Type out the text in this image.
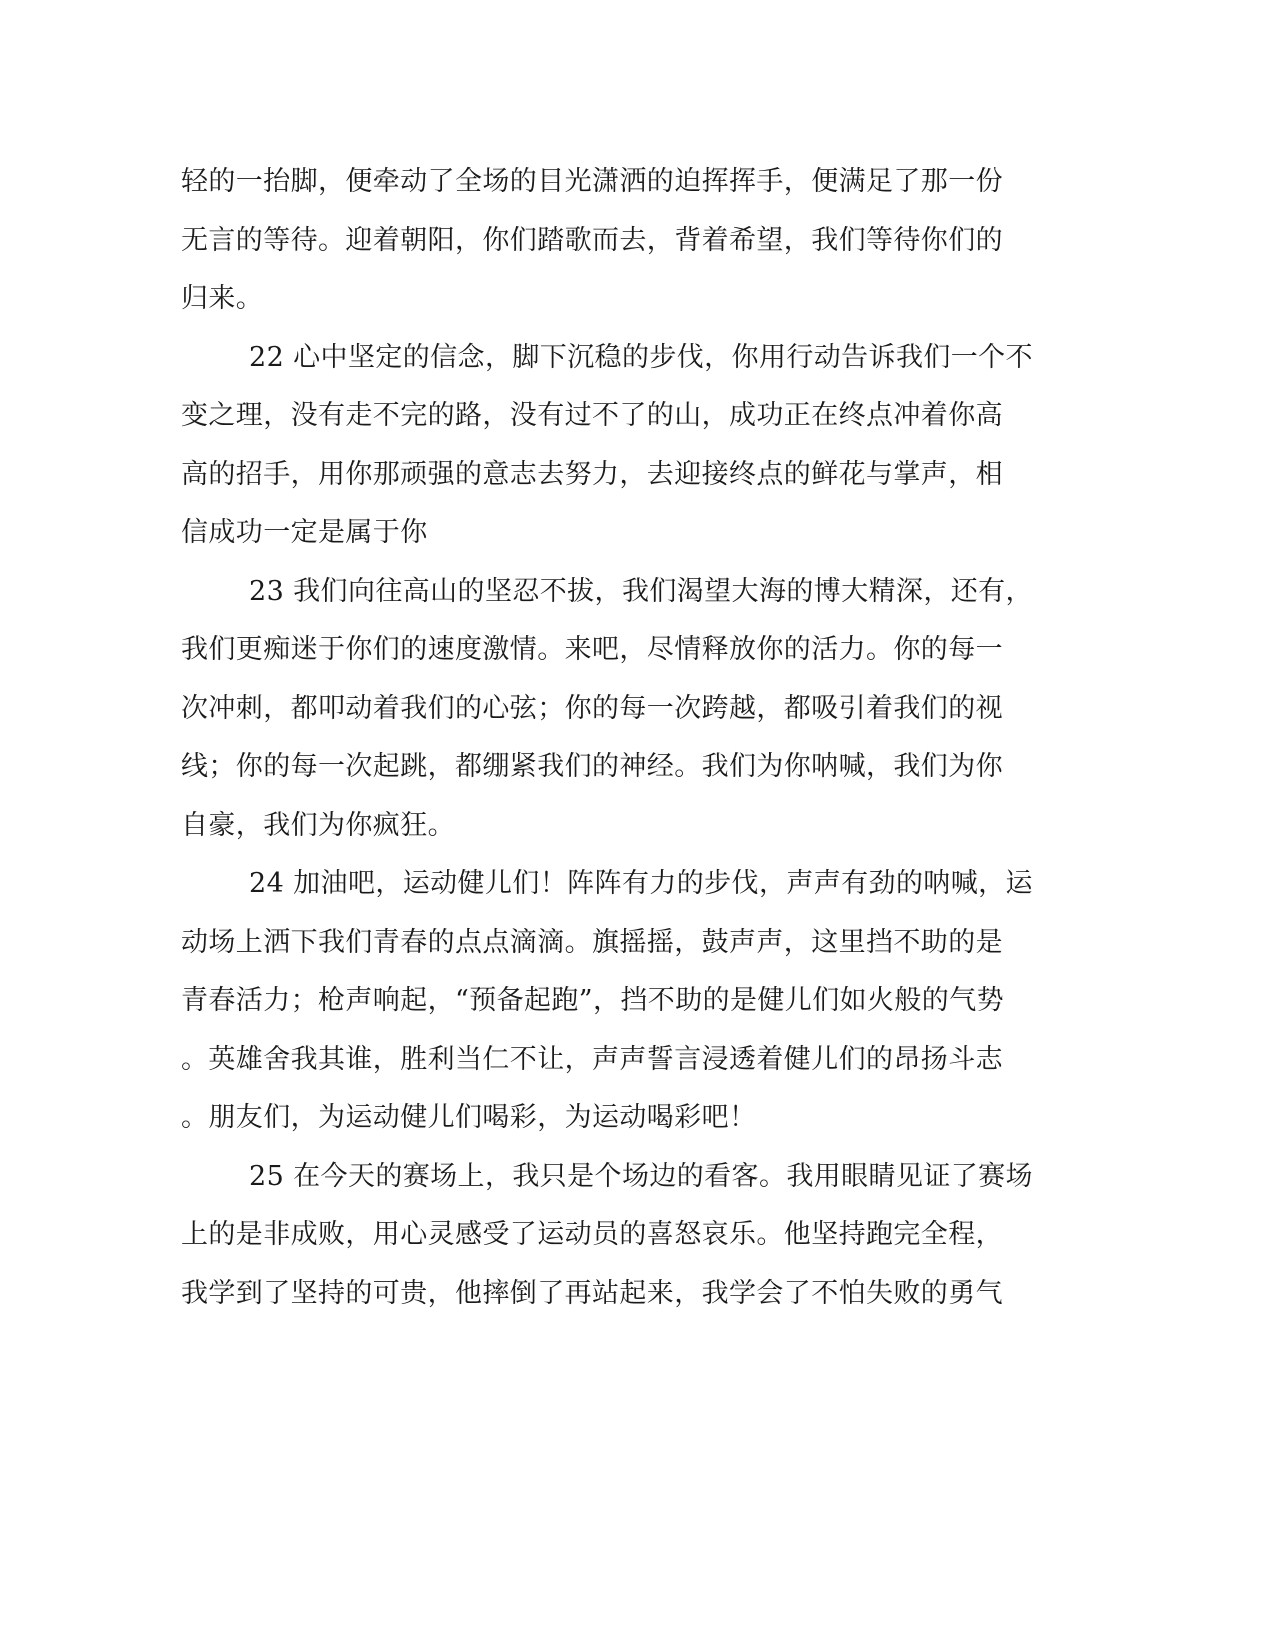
轻的一抬脚，便牵动了全场的目光潇洒的迫挥挥手，便满足了那一份
无言的等待。迎着朝阳，你们踏歌而去，背着希望，我们等待你们的
归来。
22 心中坚定的信念，脚下沉稳的步伐，你用行动告诉我们一个不
变之理，没有走不完的路，没有过不了的山，成功正在终点冲着你高
高的招手，用你那顽强的意志去努力，去迎接终点的鲜花与掌声，相
信成功一定是属于你
23 我们向往高山的坚忍不拔，我们渴望大海的博大精深，还有，
我们更痴迷于你们的速度激情。来吧，尽情释放你的活力。你的每一
次冲刺，都叩动着我们的心弦；你的每一次跨越，都吸引着我们的视
线；你的每一次起跳，都绷紧我们的神经。我们为你呐喊，我们为你
自豪，我们为你疯狂。
24 加油吧，运动健儿们！阵阵有力的步伐，声声有劲的呐喊，运
动场上洒下我们青春的点点滴滴。旗摇摇，鼓声声，这里挡不助的是
青春活力；枪声响起，“预备起跑”，挡不助的是健儿们如火般的气势
。英雄舍我其谁，胜利当仁不让，声声誓言浸透着健儿们的昂扬斗志
。朋友们，为运动健儿们喝彩，为运动喝彩吧！
25 在今天的赛场上，我只是个场边的看客。我用眼睛见证了赛场
上的是非成败，用心灵感受了运动员的喜怒哀乐。他坚持跑完全程，
我学到了坚持的可贵，他摔倒了再站起来，我学会了不怕失败的勇气
